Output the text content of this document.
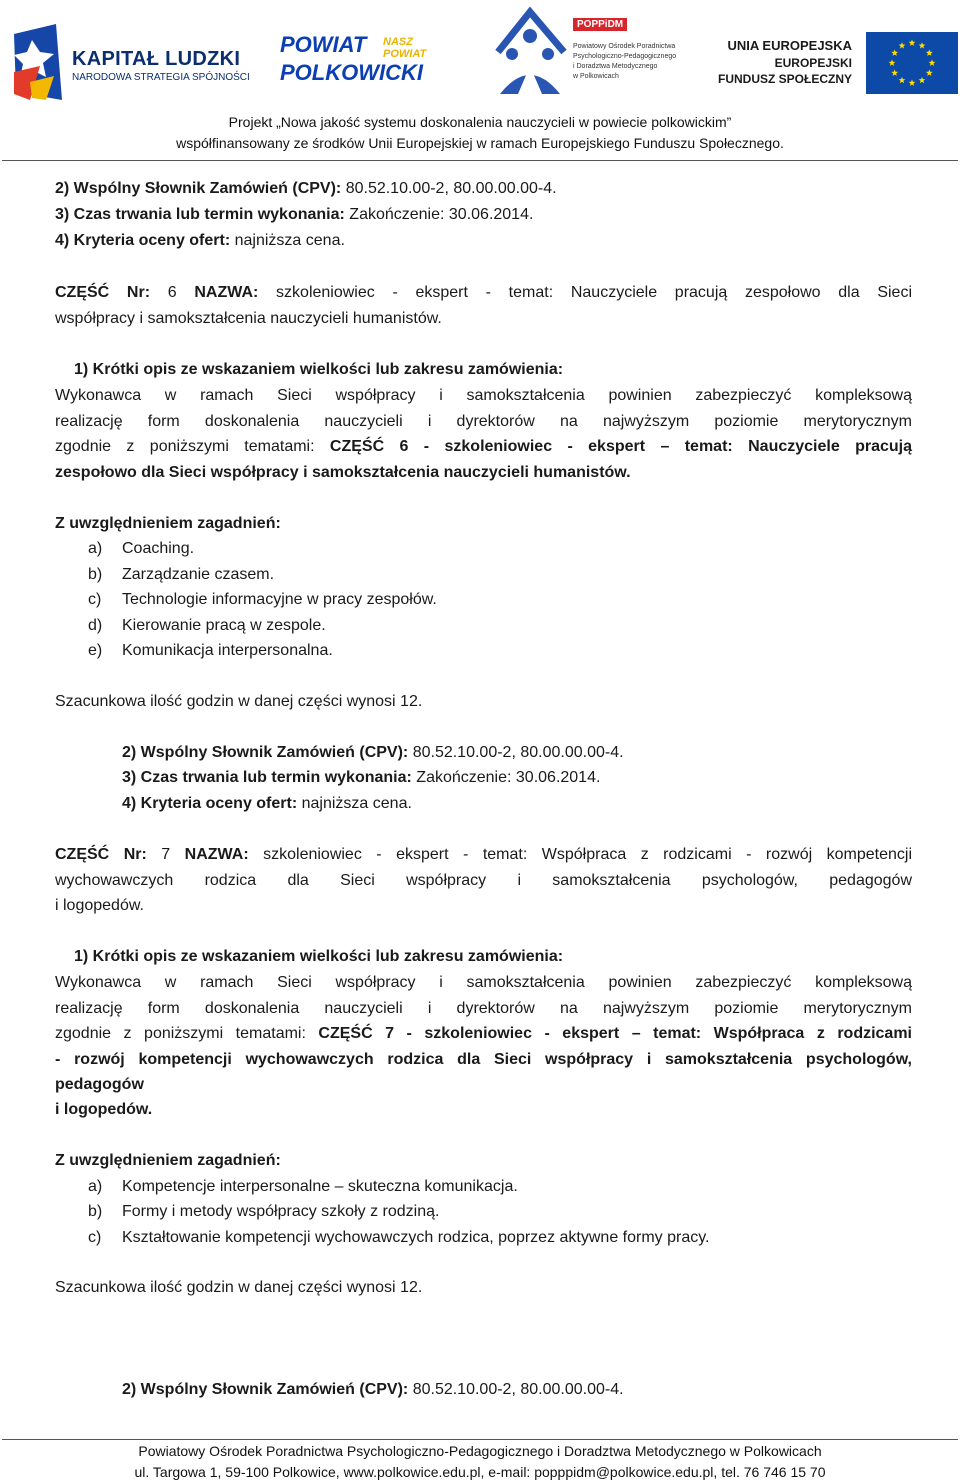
KAPITAŁ LUDZKI
NARODOWA STRATEGIA SPÓJNOŚCI
POWIAT
POLKOWICKI
NASZ
POWIAT
POPPiDM
Powiatowy Ośrodek Poradnictwa
Psychologiczno-Pedagogicznego
i Doradztwa Metodycznego
w Polkowicach
UNIA EUROPEJSKA
EUROPEJSKI
FUNDUSZ SPOŁECZNY
Projekt „Nowa jakość systemu doskonalenia nauczycieli w powiecie polkowickim”
współfinansowany ze środków Unii Europejskiej w ramach Europejskiego Funduszu Społecznego.
2) Wspólny Słownik Zamówień (CPV): 80.52.10.00-2, 80.00.00.00-4.
3) Czas trwania lub termin wykonania: Zakończenie: 30.06.2014.
4) Kryteria oceny ofert: najniższa cena.
CZĘŚĆ Nr: 6 NAZWA: szkoleniowiec - ekspert - temat: Nauczyciele pracują zespołowo dla Sieci
współpracy i samokształcenia nauczycieli humanistów.
1) Krótki opis ze wskazaniem wielkości lub zakresu zamówienia:
Wykonawca w ramach Sieci współpracy i samokształcenia powinien zabezpieczyć kompleksową
realizację form doskonalenia nauczycieli i dyrektorów na najwyższym poziomie merytorycznym
zgodnie z poniższymi tematami: CZĘŚĆ 6 - szkoleniowiec - ekspert – temat: Nauczyciele pracują
zespołowo dla Sieci współpracy i samokształcenia nauczycieli humanistów.
Z uwzględnieniem zagadnień:
a) Coaching.
b) Zarządzanie czasem.
c) Technologie informacyjne w pracy zespołów.
d) Kierowanie pracą w zespole.
e) Komunikacja interpersonalna.
Szacunkowa ilość godzin w danej części wynosi 12.
2) Wspólny Słownik Zamówień (CPV): 80.52.10.00-2, 80.00.00.00-4.
3) Czas trwania lub termin wykonania: Zakończenie: 30.06.2014.
4) Kryteria oceny ofert: najniższa cena.
CZĘŚĆ Nr: 7 NAZWA: szkoleniowiec - ekspert - temat: Współpraca z rodzicami - rozwój kompetencji
wychowawczych rodzica dla Sieci współpracy i samokształcenia psychologów, pedagogów
i logopedów.
1) Krótki opis ze wskazaniem wielkości lub zakresu zamówienia:
Wykonawca w ramach Sieci współpracy i samokształcenia powinien zabezpieczyć kompleksową
realizację form doskonalenia nauczycieli i dyrektorów na najwyższym poziomie merytorycznym
zgodnie z poniższymi tematami: CZĘŚĆ 7 - szkoleniowiec - ekspert – temat: Współpraca z rodzicami
- rozwój kompetencji wychowawczych rodzica dla Sieci współpracy i samokształcenia psychologów,
pedagogów
i logopedów.
Z uwzględnieniem zagadnień:
a) Kompetencje interpersonalne – skuteczna komunikacja.
b) Formy i metody współpracy szkoły z rodziną.
c) Kształtowanie kompetencji wychowawczych rodzica, poprzez aktywne formy pracy.
Szacunkowa ilość godzin w danej części wynosi 12.
2) Wspólny Słownik Zamówień (CPV): 80.52.10.00-2, 80.00.00.00-4.
Powiatowy Ośrodek Poradnictwa Psychologiczno-Pedagogicznego i Doradztwa Metodycznego w Polkowicach
ul. Targowa 1, 59-100 Polkowice, www.polkowice.edu.pl, e-mail: popppidm@polkowice.edu.pl, tel. 76 746 15 70
